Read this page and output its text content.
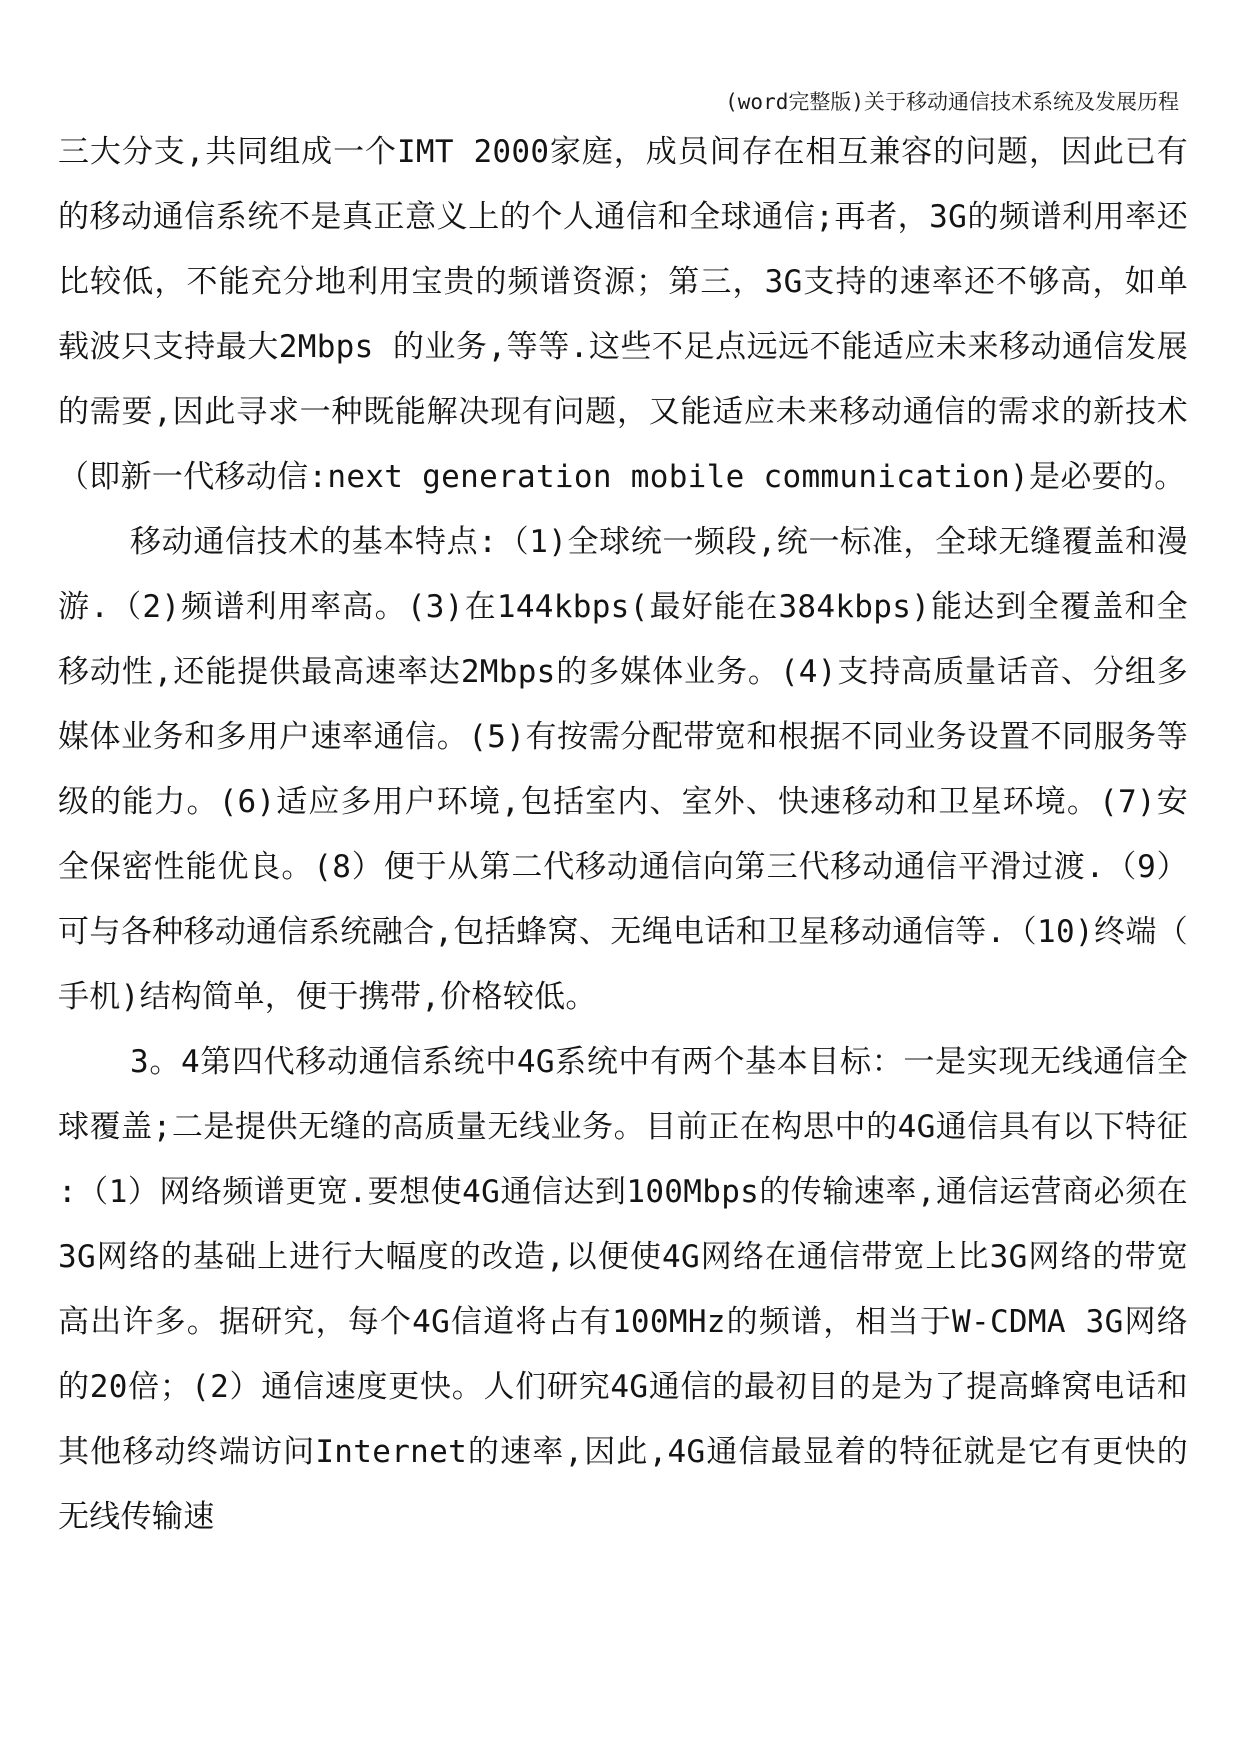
(word完整版)关于移动通信技术系统及发展历程

三大分支,共同组成一个IMT 2000家庭，成员间存在相互兼容的问题，因此已有的移动通信系统不是真正意义上的个人通信和全球通信;再者，3G的频谱利用率还比较低，不能充分地利用宝贵的频谱资源；第三，3G支持的速率还不够高，如单载波只支持最大2Mbps 的业务,等等.这些不足点远远不能适应未来移动通信发展的需要,因此寻求一种既能解决现有问题，又能适应未来移动通信的需求的新技术（即新一代移动信:next generation mobile communication)是必要的。

移动通信技术的基本特点:（1)全球统一频段,统一标准，全球无缝覆盖和漫游.（2)频谱利用率高。(3)在144kbps(最好能在384kbps)能达到全覆盖和全移动性,还能提供最高速率达2Mbps的多媒体业务。(4)支持高质量话音、分组多媒体业务和多用户速率通信。(5)有按需分配带宽和根据不同业务设置不同服务等级的能力。(6)适应多用户环境,包括室内、室外、快速移动和卫星环境。(7)安全保密性能优良。(8）便于从第二代移动通信向第三代移动通信平滑过渡.（9）可与各种移动通信系统融合,包括蜂窝、无绳电话和卫星移动通信等.（10)终端（手机)结构简单，便于携带,价格较低。

3。4第四代移动通信系统中4G系统中有两个基本目标：一是实现无线通信全球覆盖;二是提供无缝的高质量无线业务。目前正在构思中的4G通信具有以下特征:（1）网络频谱更宽.要想使4G通信达到100Mbps的传输速率,通信运营商必须在3G网络的基础上进行大幅度的改造,以便使4G网络在通信带宽上比3G网络的带宽高出许多。据研究，每个4G信道将占有100MHz的频谱，相当于W-CDMA 3G网络的20倍；(2）通信速度更快。人们研究4G通信的最初目的是为了提高蜂窝电话和其他移动终端访问Internet的速率,因此,4G通信最显着的特征就是它有更快的无线传输速
